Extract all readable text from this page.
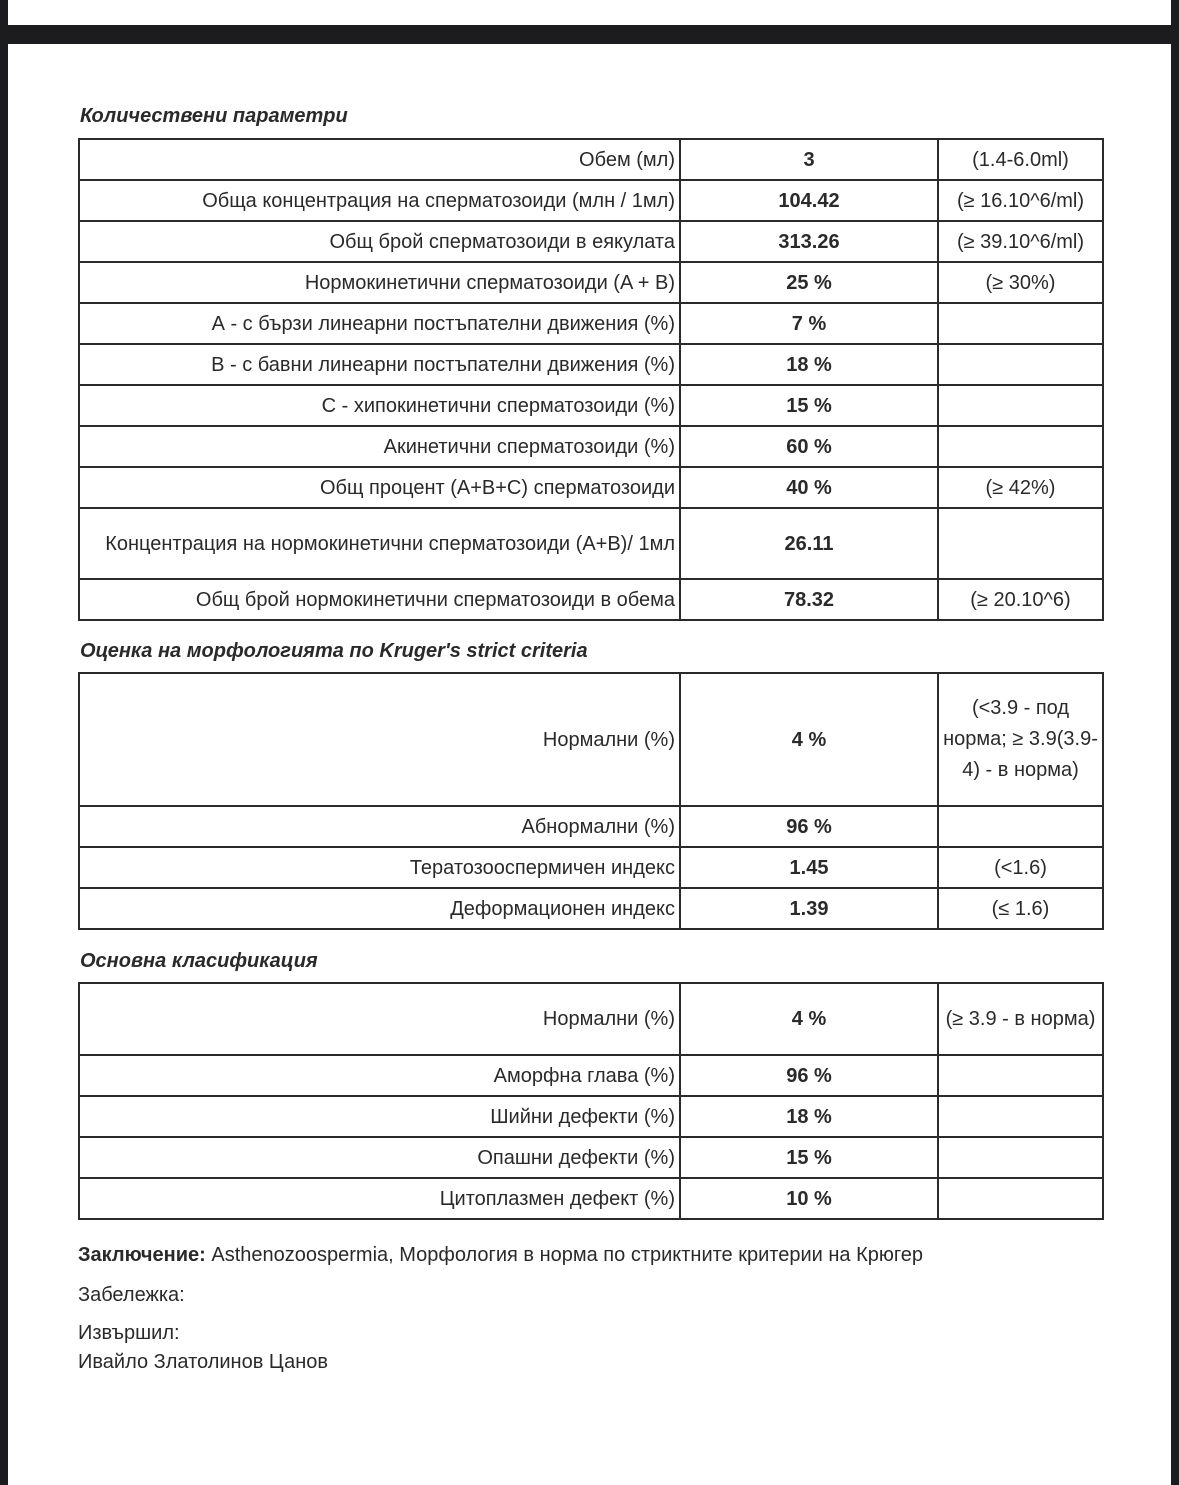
Количествени параметри
Обем (мл)	3	(1.4-6.0ml)
Обща концентрация на сперматозоиди (млн / 1мл)	104.42	(≥ 16.10^6/ml)
Общ брой сперматозоиди в еякулата	313.26	(≥ 39.10^6/ml)
Нормокинетични сперматозоиди (A + B)	25 %	(≥ 30%)
А - с бързи линеарни постъпателни движения (%)	7 %	
В - с бавни линеарни постъпателни движения (%)	18 %	
С - хипокинетични сперматозоиди (%)	15 %	
Акинетични сперматозоиди (%)	60 %	
Общ процент (A+B+C) сперматозоиди	40 %	(≥ 42%)
Концентрация на нормокинетични сперматозоиди (A+B)/ 1мл	26.11	
Общ брой нормокинетични сперматозоиди в обема	78.32	(≥ 20.10^6)
Оценка на морфологията по Kruger's strict criteria
Нормални (%)	4 %	(<3.9 - под норма; ≥ 3.9(3.9-4) - в норма)
Абнормални (%)	96 %	
Тератозооспермичен индекс	1.45	(<1.6)
Деформационен индекс	1.39	(≤ 1.6)
Основна класификация
Нормални (%)	4 %	(≥ 3.9 - в норма)
Аморфна глава (%)	96 %	
Шийни дефекти (%)	18 %	
Опашни дефекти (%)	15 %	
Цитоплазмен дефект (%)	10 %	
Заключение: Asthenozoospermia, Морфология в норма по стриктните критерии на Крюгер
Забележка:
Извършил:
Ивайло Златолинов Цанов
